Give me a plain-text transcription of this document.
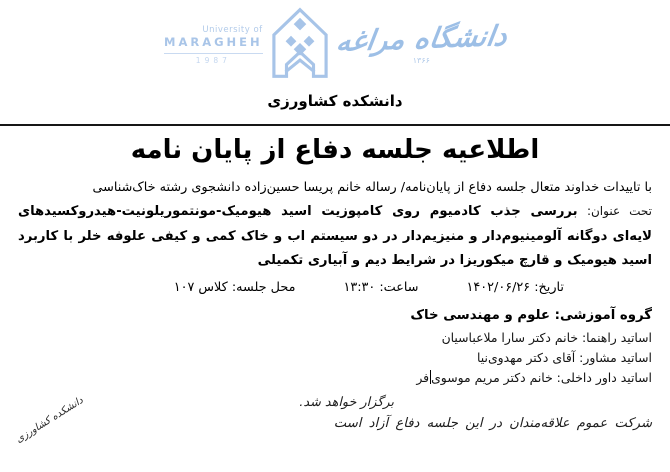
University of
MARAGHEH
1987
دانشگاه مراغه
۱۳۶۶
دانشکده کشاورزی
اطلاعیه جلسه دفاع از پایان نامه
با تاییدات خداوند متعال جلسه دفاع از پایان‌نامه/ رساله خانم پریسا حسین‌زاده دانشجوی رشته خاک‌شناسی
تحت عنوان: بررسی جذب کادمیوم روی کامپوزیت اسید هیومیک-مونتموریلونیت-هیدروکسیدهای لایه‌ای دوگانه آلومینیوم‌دار و منیزیم‌دار در دو سیستم اب و خاک کمی و کیفی علوفه خلر با کاربرد اسید هیومیک و قارچ میکوریزا در شرایط دیم و آبیاری تکمیلی
تاریخ: ۱۴۰۲/۰۶/۲۶
ساعت: ۱۳:۳۰
محل جلسه: کلاس ۱۰۷
گروه آموزشی: علوم و مهندسی خاک
اساتید راهنما: خانم دکتر سارا ملاعباسیان
اساتید مشاور: آقای دکتر مهدوی‌نیا
اساتید داور داخلی: خانم دکتر مریم موسویفر
برگزار خواهد شد.
شرکت عموم علاقه‌مندان در این جلسه دفاع آزاد است
دانشکده کشاورزی
